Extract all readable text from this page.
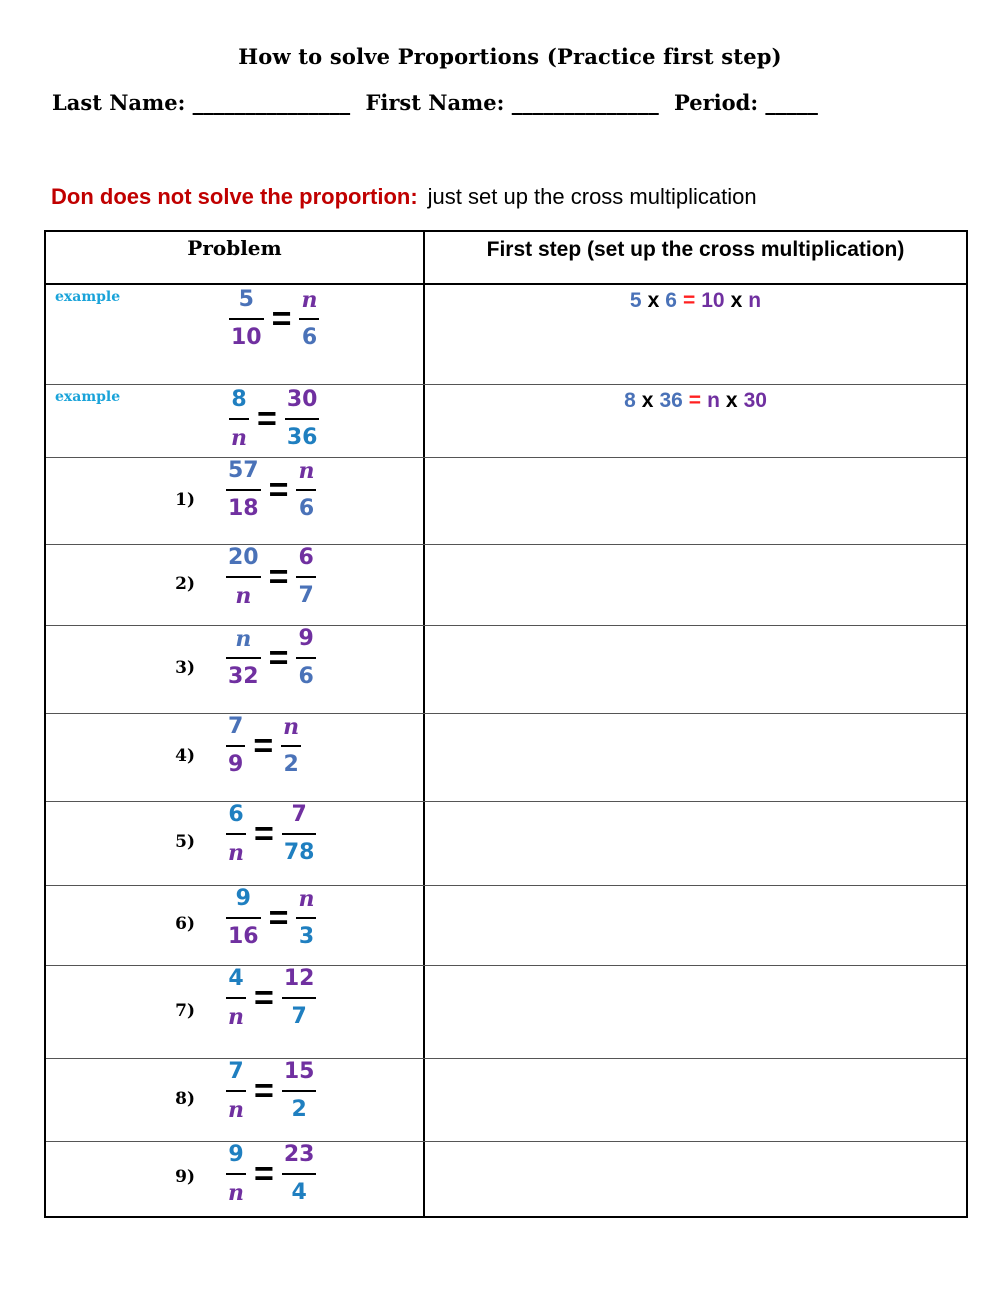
How to solve Proportions (Practice first step)
Last Name: _______________ First Name: ______________ Period: _____
Don does not solve the proportion: just set up the cross multiplication
Problem	First step (set up the cross multiplication)
example	$\frac{5}{10} = \frac{n}{6}$	5 x 6 = 10 x n
example	$\frac{8}{n} = \frac{30}{36}$	8 x 36 = n x 30
$1) \frac{57}{18} = \frac{n}{6}$
$2) \frac{20}{n} = \frac{6}{7}$
$3) \frac{n}{32} = \frac{9}{6}$
$4) \frac{7}{9} = \frac{n}{2}$
$5) \frac{6}{n} = \frac{7}{78}$
$6) \frac{9}{16} = \frac{n}{3}$
$7) \frac{4}{n} = \frac{12}{7}$
$8) \frac{7}{n} = \frac{15}{2}$
$9) \frac{9}{n} = \frac{23}{4}$
